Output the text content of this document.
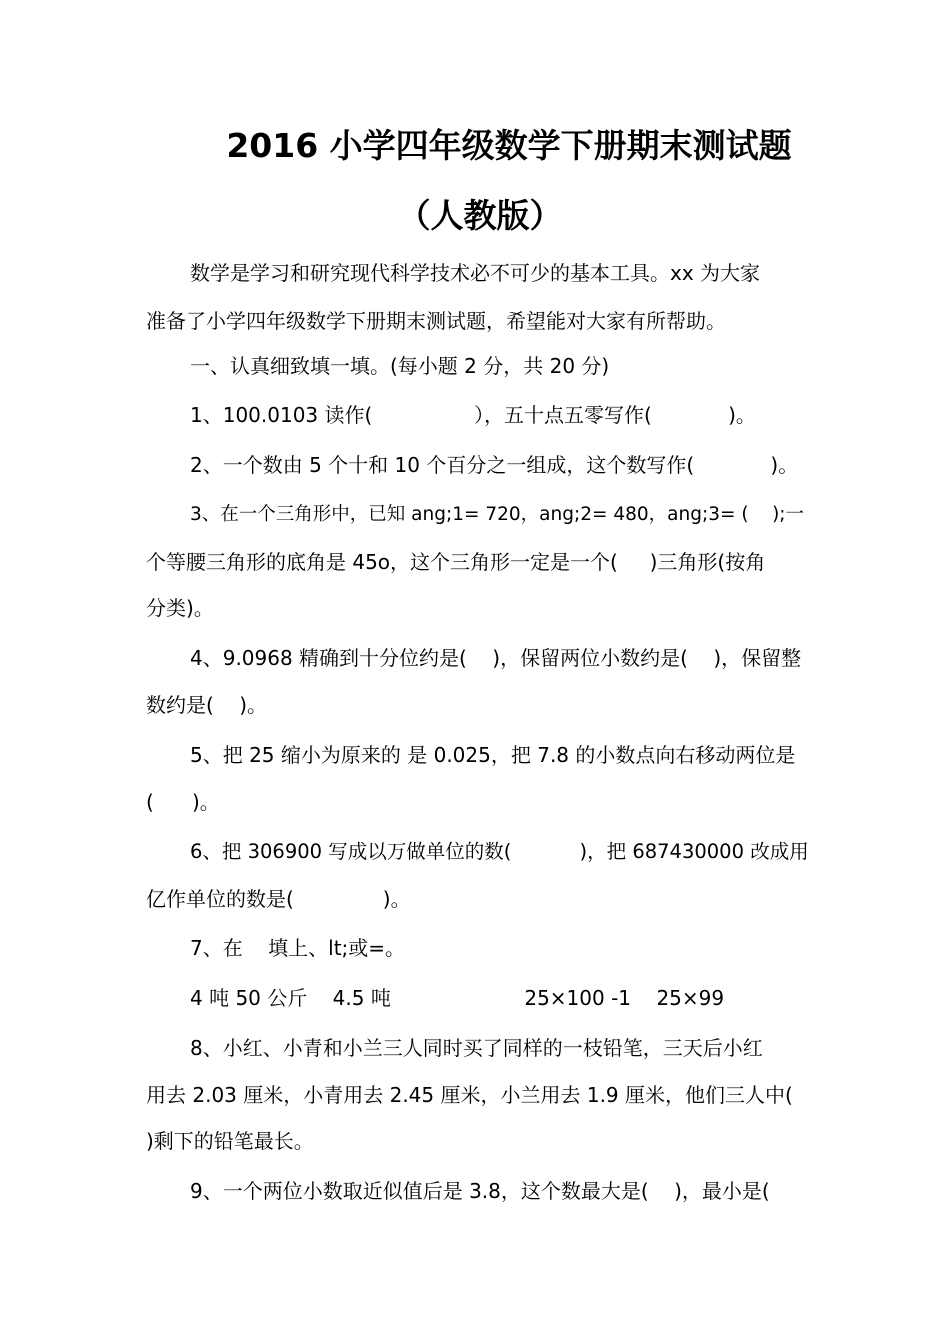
2016 小学四年级数学下册期末测试题
（人教版）
数学是学习和研究现代科学技术必不可少的基本工具。xx 为大家
准备了小学四年级数学下册期末测试题，希望能对大家有所帮助。
一、认真细致填一填。(每小题 2 分，共 20 分)
1、100.0103 读作(                ），五十点五零写作(            )。
2、一个数由 5 个十和 10 个百分之一组成，这个数写作(            )。
3、在一个三角形中，已知 ang;1= 720，ang;2= 480，ang;3= (    );一
个等腰三角形的底角是 45o，这个三角形一定是一个(     )三角形(按角
分类)。
4、9.0968 精确到十分位约是(    )，保留两位小数约是(    )，保留整
数约是(    )。
5、把 25 缩小为原来的 是 0.025，把 7.8 的小数点向右移动两位是
(      )。
6、把 306900 写成以万做单位的数(           )，把 687430000 改成用
亿作单位的数是(              )。
7、在    填上、lt;或=。
4 吨 50 公斤    4.5 吨                     25×100 -1    25×99
8、小红、小青和小兰三人同时买了同样的一枝铅笔，三天后小红
用去 2.03 厘米，小青用去 2.45 厘米，小兰用去 1.9 厘米，他们三人中(
)剩下的铅笔最长。
9、一个两位小数取近似值后是 3.8，这个数最大是(    )，最小是(
